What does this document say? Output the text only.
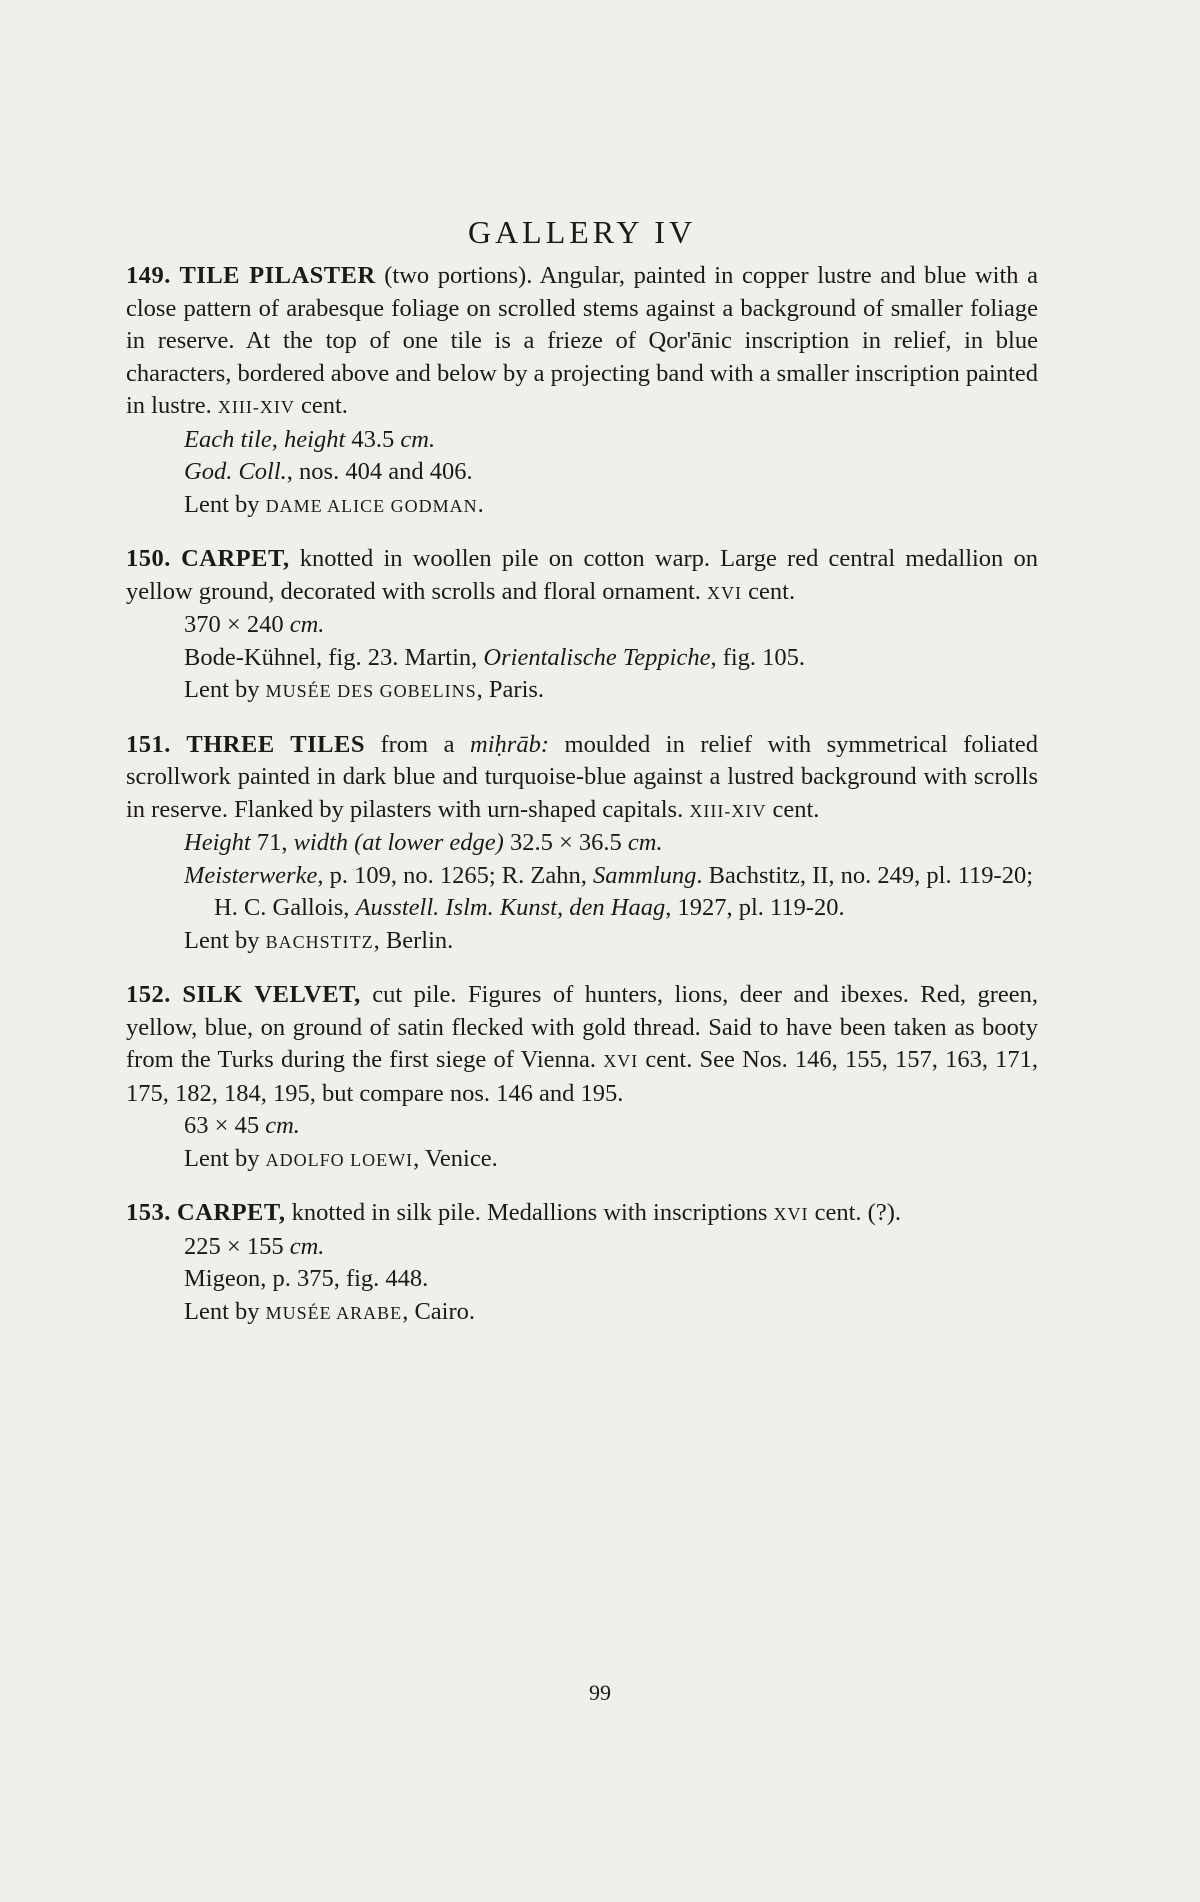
GALLERY IV

149. TILE PILASTER (two portions). Angular, painted in copper lustre and blue with a close pattern of arabesque foliage on scrolled stems against a background of smaller foliage in reserve. At the top of one tile is a frieze of Qor'ānic inscription in relief, in blue characters, bordered above and below by a projecting band with a smaller inscription painted in lustre. XIII-XIV cent.

Each tile, height 43.5 cm.

God. Coll., nos. 404 and 406.

Lent by DAME ALICE GODMAN.

150. CARPET, knotted in woollen pile on cotton warp. Large red central medallion on yellow ground, decorated with scrolls and floral ornament. XVI cent.

370 × 240 cm.

Bode-Kühnel, fig. 23. Martin, Orientalische Teppiche, fig. 105.

Lent by MUSÉE DES GOBELINS, Paris.

151. THREE TILES from a miḥrāb: moulded in relief with symmetrical foliated scrollwork painted in dark blue and turquoise-blue against a lustred background with scrolls in reserve. Flanked by pilasters with urn-shaped capitals. XIII-XIV cent.

Height 71, width (at lower edge) 32.5 × 36.5 cm.

Meisterwerke, p. 109, no. 1265; R. Zahn, Sammlung. Bachstitz, II, no. 249, pl. 119-20; H. C. Gallois, Ausstell. Islm. Kunst, den Haag, 1927, pl. 119-20.

Lent by BACHSTITZ, Berlin.

152. SILK VELVET, cut pile. Figures of hunters, lions, deer and ibexes. Red, green, yellow, blue, on ground of satin flecked with gold thread. Said to have been taken as booty from the Turks during the first siege of Vienna. XVI cent. See Nos. 146, 155, 157, 163, 171, 175, 182, 184, 195, but compare nos. 146 and 195.

63 × 45 cm.

Lent by ADOLFO LOEWI, Venice.

153. CARPET, knotted in silk pile. Medallions with inscriptions XVI cent. (?).

225 × 155 cm.

Migeon, p. 375, fig. 448.

Lent by MUSÉE ARABE, Cairo.

99
